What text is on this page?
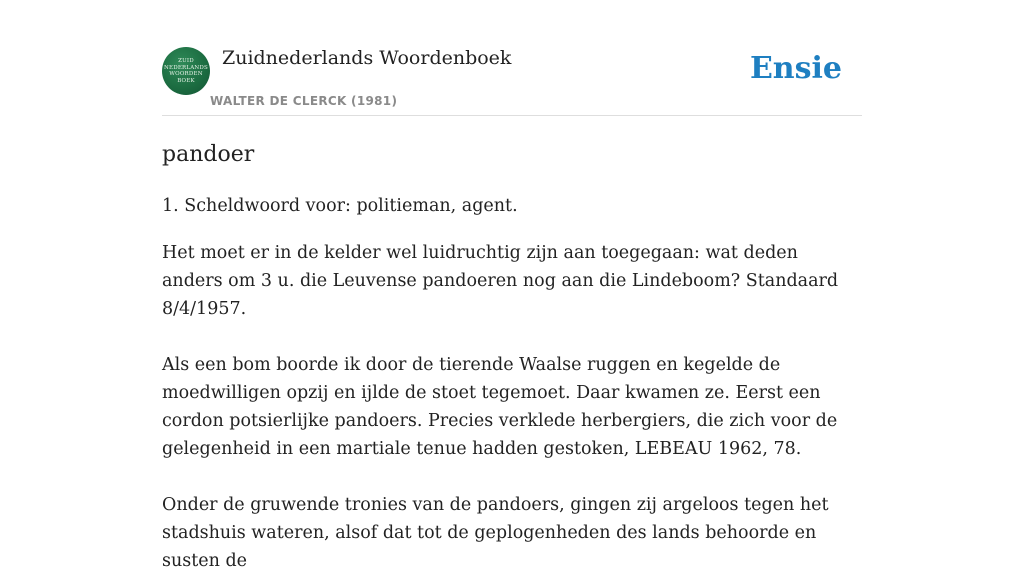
ZUID
NEDERLANDS
WOORDEN
BOEK
Zuidnederlands Woordenboek
WALTER DE CLERCK (1981)
Ensie
pandoer

1. Scheldwoord voor: politieman, agent.

Het moet er in de kelder wel luidruchtig zijn aan toegegaan: wat deden anders om 3 u. die Leuvense pandoeren nog aan die Lindeboom? Standaard 8/4/1957.

Als een bom boorde ik door de tierende Waalse ruggen en kegelde de moedwilligen opzij en ijlde de stoet tegemoet. Daar kwamen ze. Eerst een cordon potsierlijke pandoers. Precies verklede herbergiers, die zich voor de gelegenheid in een martiale tenue hadden gestoken, LEBEAU 1962, 78.

Onder de gruwende tronies van de pandoers, gingen zij argeloos tegen het stadshuis wateren, alsof dat tot de geplogenheden des lands behoorde en susten de
